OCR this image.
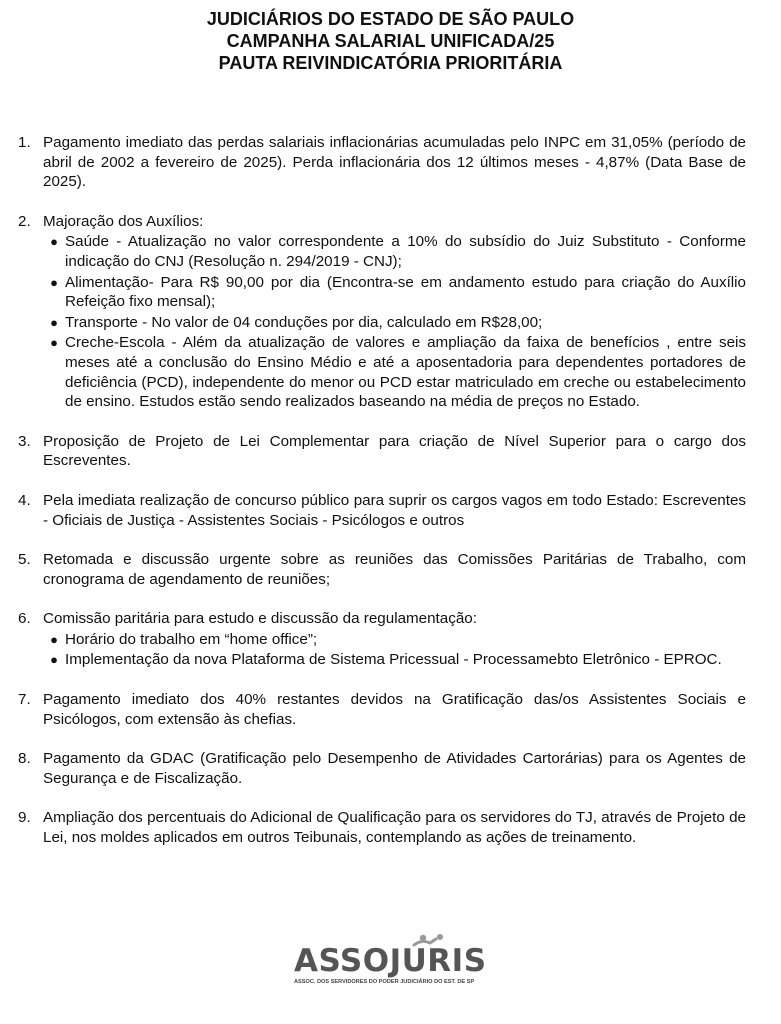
JUDICIÁRIOS DO ESTADO DE SÃO PAULO
CAMPANHA SALARIAL UNIFICADA/25
PAUTA REIVINDICATÓRIA PRIORITÁRIA
1. Pagamento imediato das perdas salariais inflacionárias acumuladas pelo INPC em 31,05% (período de abril de 2002 a fevereiro de 2025). Perda inflacionária dos 12 últimos meses - 4,87% (Data Base de 2025).
2. Majoração dos Auxílios:
● Saúde - Atualização no valor correspondente a 10% do subsídio do Juiz Substituto - Conforme indicação do CNJ (Resolução n. 294/2019 - CNJ);
● Alimentação- Para R$ 90,00 por dia (Encontra-se em andamento estudo para criação do Auxílio Refeição fixo mensal);
● Transporte - No valor de 04 conduções por dia, calculado em R$28,00;
● Creche-Escola - Além da atualização de valores e ampliação da faixa de benefícios , entre seis meses até a conclusão do Ensino Médio e até a aposentadoria para dependentes portadores de deficiência (PCD), independente do menor ou PCD estar matriculado em creche ou estabelecimento de ensino. Estudos estão sendo realizados baseando na média de preços no Estado.
3. Proposição de Projeto de Lei Complementar para criação de Nível Superior para o cargo dos Escreventes.
4. Pela imediata realização de concurso público para suprir os cargos vagos em todo Estado: Escreventes - Oficiais de Justiça - Assistentes Sociais - Psicólogos e outros
5. Retomada e discussão urgente sobre as reuniões das Comissões Paritárias de Trabalho, com cronograma de agendamento de reuniões;
6. Comissão paritária para estudo e discussão da regulamentação:
● Horário do trabalho em “home office”;
● Implementação da nova Plataforma de Sistema Pricessual - Processamebto Eletrônico - EPROC.
7. Pagamento imediato dos 40% restantes devidos na Gratificação das/os Assistentes Sociais e Psicólogos, com extensão às chefias.
8. Pagamento da GDAC (Gratificação pelo Desempenho de Atividades Cartorárias) para os Agentes de Segurança e de Fiscalização.
9. Ampliação dos percentuais do Adicional de Qualificação para os servidores do TJ, através de Projeto de Lei, nos moldes aplicados em outros Teibunais, contemplando as ações de treinamento.
ASSOJURIS
ASSOC. DOS SERVIDORES DO PODER JUDICIÁRIO DO EST. DE SP
